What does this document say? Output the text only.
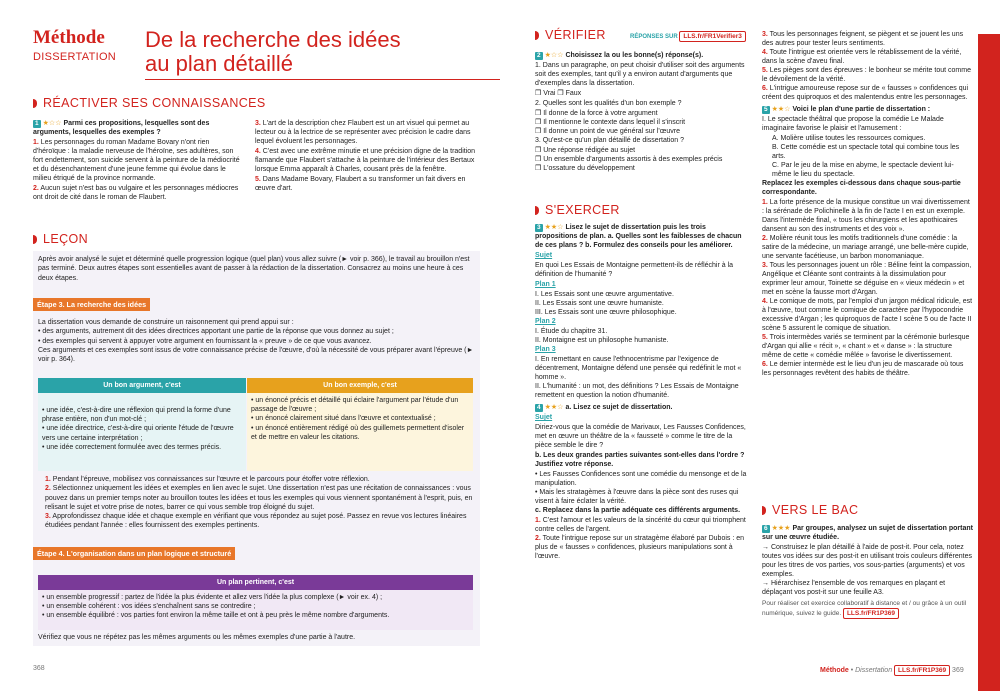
Méthode
DISSERTATION
De la recherche des idées
au plan détaillé
RÉACTIVER SES CONNAISSANCES

1 ★☆☆ Parmi ces propositions, lesquelles sont des arguments, lesquelles des exemples ?

1. Les personnages du roman Madame Bovary n'ont rien d'héroïque : la maladie nerveuse de l'héroïne, ses adultères, son fort endettement, son suicide servent à la peinture de la médiocrité et du désenchantement d'une jeune femme qui évolue dans le milieu étriqué de la province normande.

2. Aucun sujet n'est bas ou vulgaire et les personnages médiocres ont droit de cité dans le roman de Flaubert.

3. L'art de la description chez Flaubert est un art visuel qui permet au lecteur ou à la lectrice de se représenter avec précision le cadre dans lequel évoluent les personnages.

4. C'est avec une extrême minutie et une précision digne de la tradition flamande que Flaubert s'attache à la peinture de l'intérieur des Bertaux lorsque Emma apparaît à Charles, cousant près de la fenêtre.

5. Dans Madame Bovary, Flaubert a su transformer un fait divers en œuvre d'art.

LEÇON
Après avoir analysé le sujet et déterminé quelle progression logique (quel plan) vous allez suivre (► voir p. 366), le travail au brouillon n'est pas terminé. Deux autres étapes sont essentielles avant de passer à la rédaction de la dissertation. Consacrez au moins une heure à ces deux étapes.
Étape 3. La recherche des idées
La dissertation vous demande de construire un raisonnement qui prend appui sur :
• des arguments, autrement dit des idées directrices apportant une partie de la réponse que vous donnez au sujet ;
• des exemples qui servent à appuyer votre argument en fournissant la « preuve » de ce que vous avancez.
Ces arguments et ces exemples sont issus de votre connaissance précise de l'œuvre, d'où la nécessité de vous préparer avant l'épreuve (► voir p. 364).
Un bon argument, c'est	Un bon exemple, c'est
• une idée, c'est-à-dire une réflexion qui prend la forme d'une phrase entière, non d'un mot-clé ;
• une idée directrice, c'est-à-dire qui oriente l'étude de l'œuvre vers une certaine interprétation ;
• une idée correctement formulée avec des termes précis.
• un énoncé précis et détaillé qui éclaire l'argument par l'étude d'un passage de l'œuvre ;
• un énoncé clairement situé dans l'œuvre et contextualisé ;
• un énoncé entièrement rédigé où des guillemets permettent d'isoler et de mettre en valeur les citations.
1. Pendant l'épreuve, mobilisez vos connaissances sur l'œuvre et le parcours pour étoffer votre réflexion.
2. Sélectionnez uniquement les idées et exemples en lien avec le sujet. Une dissertation n'est pas une récitation de connaissances : vous pouvez dans un premier temps noter au brouillon toutes les idées et tous les exemples qui vous viennent spontanément à l'esprit, puis, en relisant le sujet et votre prise de notes, barrer ce qui vous semble trop éloigné du sujet.
3. Approfondissez chaque idée et chaque exemple en vérifiant que vous répondez au sujet posé. Passez en revue vos lectures linéaires étudiées pendant l'année : elles fournissent des exemples pertinents.
Étape 4. L'organisation dans un plan logique et structuré
Un plan pertinent, c'est
• un ensemble progressif : partez de l'idée la plus évidente et allez vers l'idée la plus complexe (► voir ex. 4) ;
• un ensemble cohérent : vos idées s'enchaînent sans se contredire ;
• un ensemble équilibré : vos parties font environ la même taille et ont à peu près le même nombre d'arguments.
Vérifiez que vous ne répétez pas les mêmes arguments ou les mêmes exemples d'une partie à l'autre.
368
VÉRIFIER	RÉPONSES SUR LLS.fr/FR1Verifier3

2 ★☆☆ Choisissez la ou les bonne(s) réponse(s).

1. Dans un paragraphe, on peut choisir d'utiliser soit des arguments soit des exemples, tant qu'il y a environ autant d'arguments que d'exemples dans la dissertation.

❒ Vrai ❒ Faux

2. Quelles sont les qualités d'un bon exemple ?

❒ Il donne de la force à votre argument
❒ Il mentionne le contexte dans lequel il s'inscrit
❒ Il donne un point de vue général sur l'œuvre

3. Qu'est-ce qu'un plan détaillé de dissertation ?

❒ Une réponse rédigée au sujet
❒ Un ensemble d'arguments assortis à des exemples précis
❒ L'ossature du développement
S'EXERCER

3 ★★☆ Lisez le sujet de dissertation puis les trois propositions de plan. a. Quelles sont les faiblesses de chacun de ces plans ? b. Formulez des conseils pour les améliorer.

Sujet

En quoi Les Essais de Montaigne permettent-ils de réfléchir à la définition de l'humanité ?

Plan 1

I. Les Essais sont une œuvre argumentative.
II. Les Essais sont une œuvre humaniste.
III. Les Essais sont une œuvre philosophique.

Plan 2

I. Étude du chapitre 31.
II. Montaigne est un philosophe humaniste.

Plan 3

I. En remettant en cause l'ethnocentrisme par l'exigence de décentrement, Montaigne défend une pensée qui redéfinit le mot « homme ».
II. L'humanité : un mot, des définitions ? Les Essais de Montaigne remettent en question la notion d'humanité.

4 ★★☆ a. Lisez ce sujet de dissertation.

Sujet

Diriez-vous que la comédie de Marivaux, Les Fausses Confidences, met en œuvre un théâtre de la « fausseté » comme le titre de la pièce semble le dire ?

b. Les deux grandes parties suivantes sont-elles dans l'ordre ? Justifiez votre réponse.

• Les Fausses Confidences sont une comédie du mensonge et de la manipulation.
• Mais les stratagèmes à l'œuvre dans la pièce sont des ruses qui visent à faire éclater la vérité.

c. Replacez dans la partie adéquate ces différents arguments.

1. C'est l'amour et les valeurs de la sincérité du cœur qui triomphent contre celles de l'argent.
2. Toute l'intrigue repose sur un stratagème élaboré par Dubois : en plus de « fausses » confidences, plusieurs manipulations sont à l'œuvre.
3. Tous les personnages feignent, se piègent et se jouent les uns des autres pour tester leurs sentiments.
4. Toute l'intrigue est orientée vers le rétablissement de la vérité, dans la scène d'aveu final.
5. Les pièges sont des épreuves : le bonheur se mérite tout comme le dévoilement de la vérité.
6. L'intrigue amoureuse repose sur de « fausses » confidences qui créent des quiproquos et des malentendus entre les personnages.

5 ★★☆ Voici le plan d'une partie de dissertation :

I. Le spectacle théâtral que propose la comédie Le Malade imaginaire favorise le plaisir et l'amusement :

A. Molière utilise toutes les ressources comiques.
B. Cette comédie est un spectacle total qui combine tous les arts.
C. Par le jeu de la mise en abyme, le spectacle devient lui-même le lieu du spectacle.

Replacez les exemples ci-dessous dans chaque sous-partie correspondante.

1. La forte présence de la musique constitue un vrai divertissement : la sérénade de Polichinelle à la fin de l'acte I en est un exemple. Dans l'intermède final, « tous les chirurgiens et les apothicaires dansent au son des instruments et des voix ».
2. Molière réunit tous les motifs traditionnels d'une comédie : la satire de la médecine, un mariage arrangé, une belle-mère cupide, une servante facétieuse, un barbon monomaniaque.
3. Tous les personnages jouent un rôle : Béline feint la compassion, Angélique et Cléante sont contraints à la dissimulation pour exprimer leur amour, Toinette se déguise en « vieux médecin » et met en scène la fausse mort d'Argan.
4. Le comique de mots, par l'emploi d'un jargon médical ridicule, est à l'œuvre, tout comme le comique de caractère par l'hypocondrie excessive d'Argan ; les quiproquos de l'acte I scène 5 ou de l'acte II scène 5 assurent le comique de situation.
5. Trois intermèdes variés se terminent par la cérémonie burlesque d'Argan qui allie « récit », « chant » et « danse » : la structure même de cette « comédie mêlée » favorise le divertissement.
6. Le dernier intermède est le lieu d'un jeu de mascarade où tous les personnages revêtent des habits de théâtre.
VERS LE BAC

6 ★★★ Par groupes, analysez un sujet de dissertation portant sur une œuvre étudiée.

→ Construisez le plan détaillé à l'aide de post-it. Pour cela, notez toutes vos idées sur des post-it en utilisant trois couleurs différentes pour les titres de vos parties, vos sous-parties (arguments) et vos exemples.
→ Hiérarchisez l'ensemble de vos remarques en plaçant et déplaçant vos post-it sur une feuille A3.

Pour réaliser cet exercice collaboratif à distance et / ou grâce à un outil numérique, suivez le guide. LLS.fr/FR1P369

Méthode • Dissertation LLS.fr/FR1P369 369
